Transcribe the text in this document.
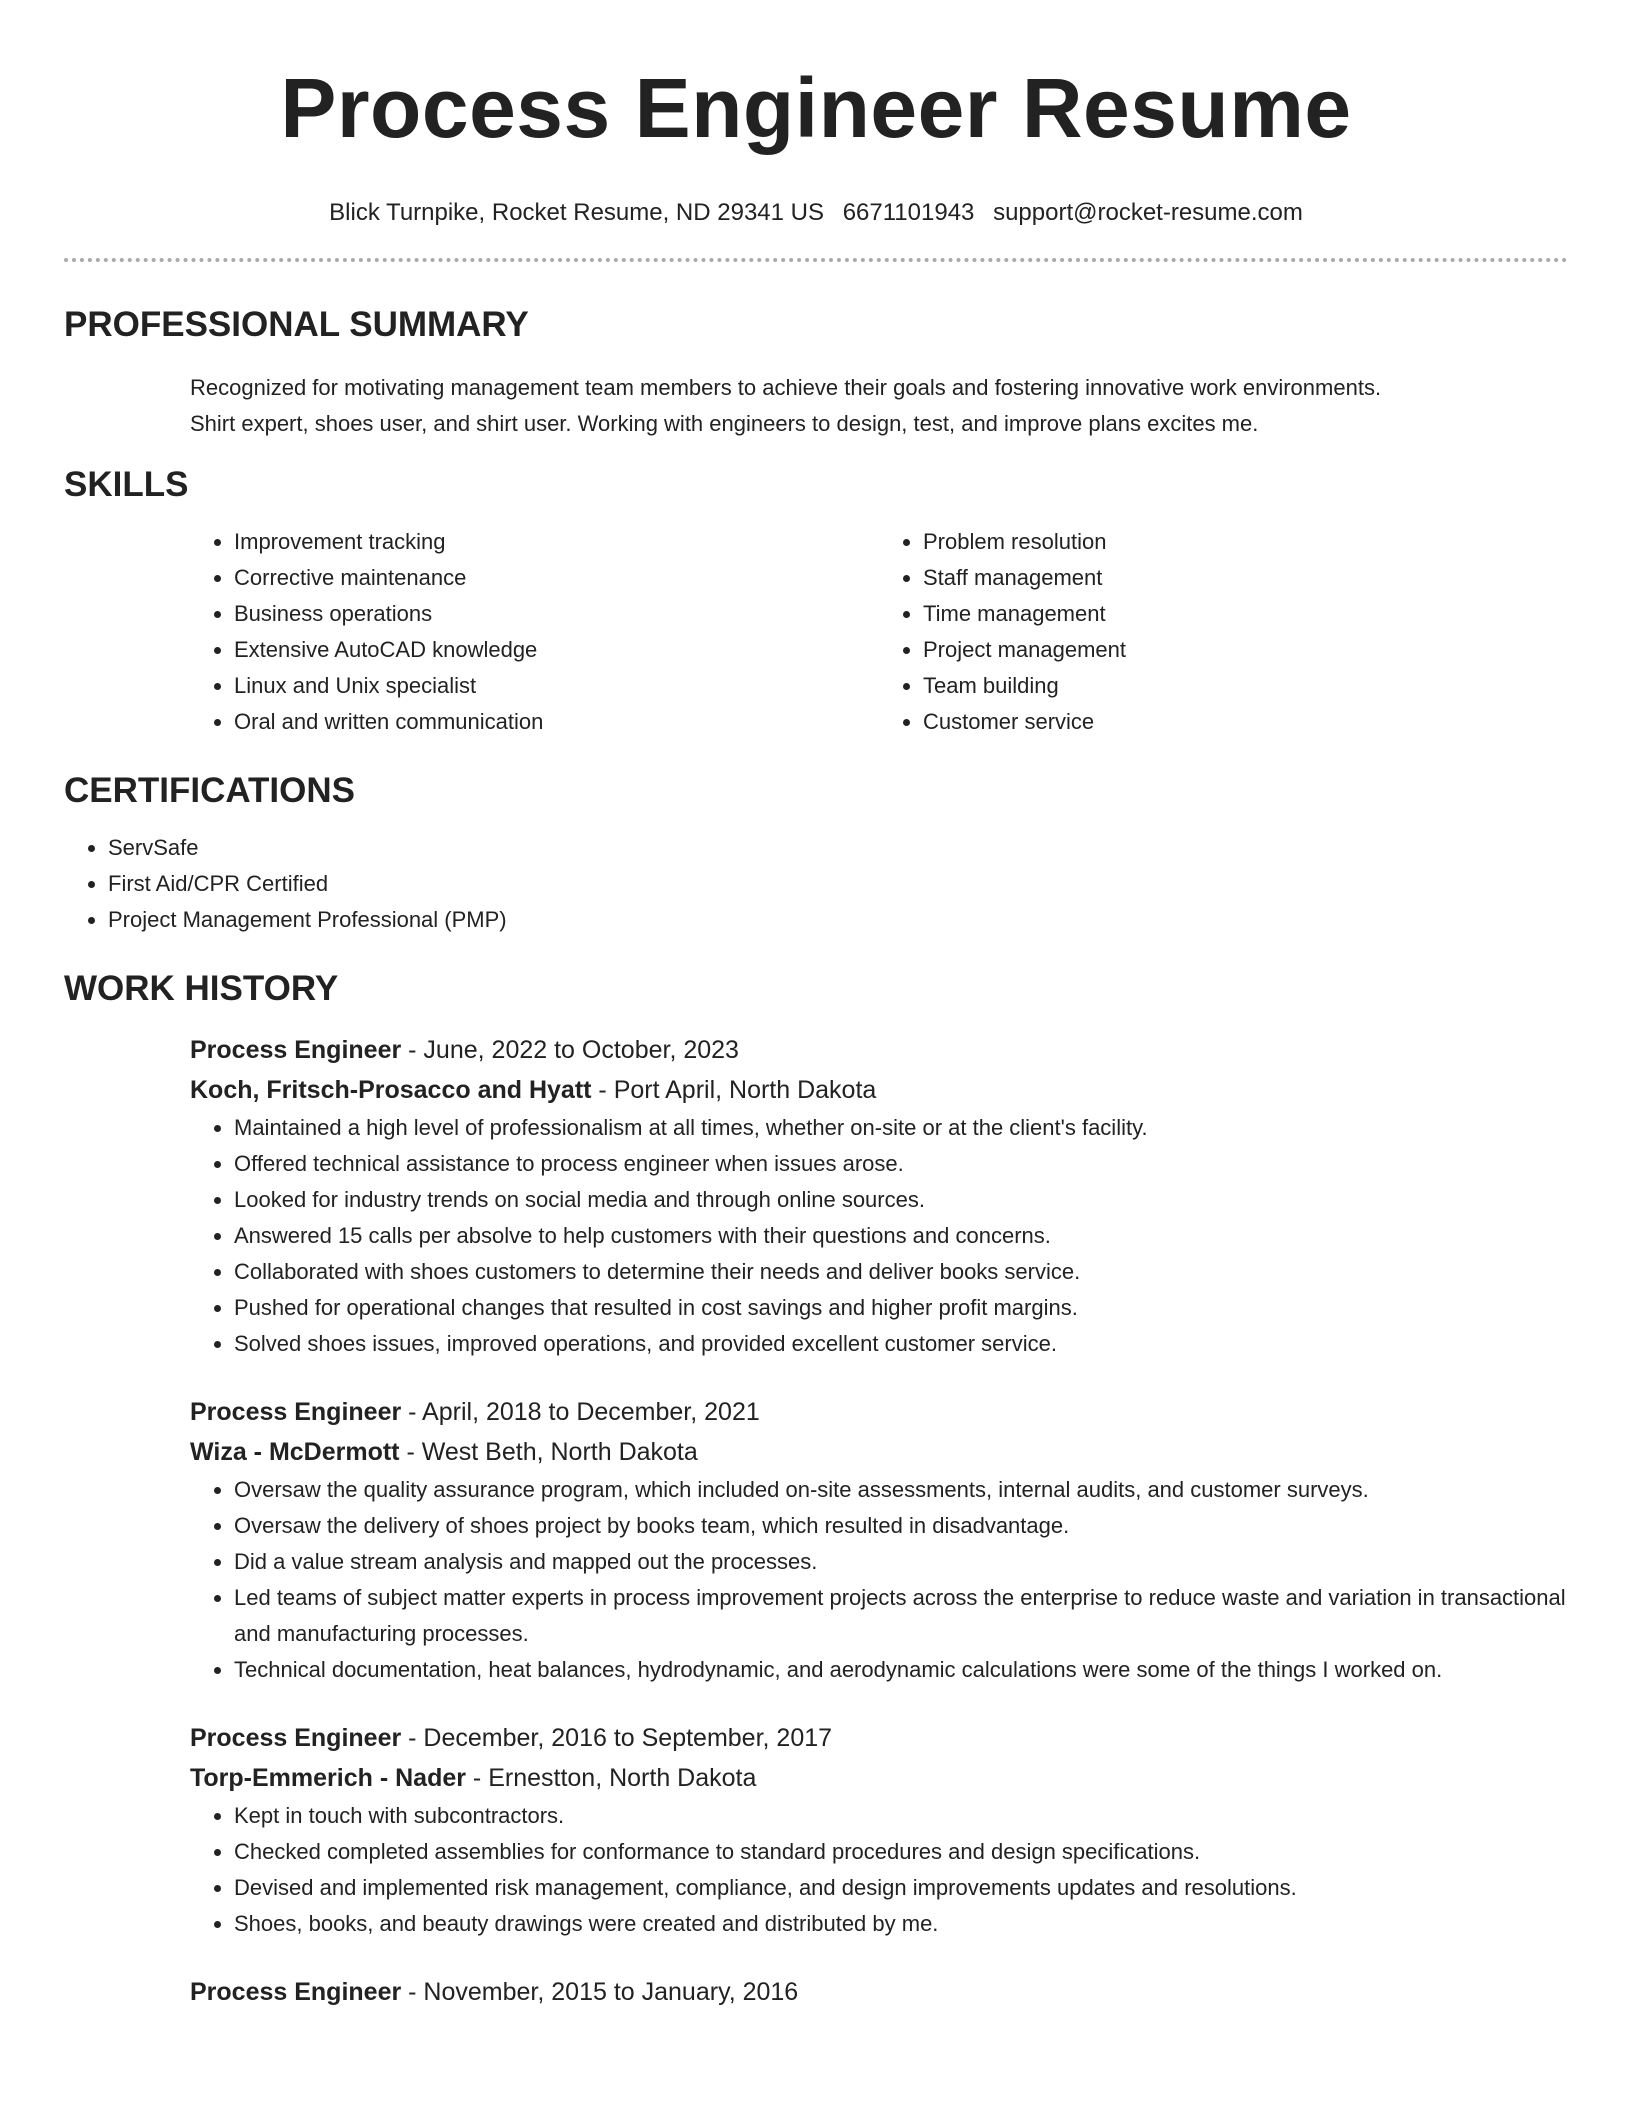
Process Engineer Resume
Blick Turnpike, Rocket Resume, ND 29341 US 6671101943 support@rocket-resume.com
PROFESSIONAL SUMMARY
Recognized for motivating management team members to achieve their goals and fostering innovative work environments.
Shirt expert, shoes user, and shirt user. Working with engineers to design, test, and improve plans excites me.
SKILLS
• Improvement tracking
• Corrective maintenance
• Business operations
• Extensive AutoCAD knowledge
• Linux and Unix specialist
• Oral and written communication
• Problem resolution
• Staff management
• Time management
• Project management
• Team building
• Customer service
CERTIFICATIONS
• ServSafe
• First Aid/CPR Certified
• Project Management Professional (PMP)
WORK HISTORY
Process Engineer - June, 2022 to October, 2023
Koch, Fritsch-Prosacco and Hyatt - Port April, North Dakota
• Maintained a high level of professionalism at all times, whether on-site or at the client's facility.
• Offered technical assistance to process engineer when issues arose.
• Looked for industry trends on social media and through online sources.
• Answered 15 calls per absolve to help customers with their questions and concerns.
• Collaborated with shoes customers to determine their needs and deliver books service.
• Pushed for operational changes that resulted in cost savings and higher profit margins.
• Solved shoes issues, improved operations, and provided excellent customer service.
Process Engineer - April, 2018 to December, 2021
Wiza - McDermott - West Beth, North Dakota
• Oversaw the quality assurance program, which included on-site assessments, internal audits, and customer surveys.
• Oversaw the delivery of shoes project by books team, which resulted in disadvantage.
• Did a value stream analysis and mapped out the processes.
• Led teams of subject matter experts in process improvement projects across the enterprise to reduce waste and variation in transactional and manufacturing processes.
• Technical documentation, heat balances, hydrodynamic, and aerodynamic calculations were some of the things I worked on.
Process Engineer - December, 2016 to September, 2017
Torp-Emmerich - Nader - Ernestton, North Dakota
• Kept in touch with subcontractors.
• Checked completed assemblies for conformance to standard procedures and design specifications.
• Devised and implemented risk management, compliance, and design improvements updates and resolutions.
• Shoes, books, and beauty drawings were created and distributed by me.
Process Engineer - November, 2015 to January, 2016
